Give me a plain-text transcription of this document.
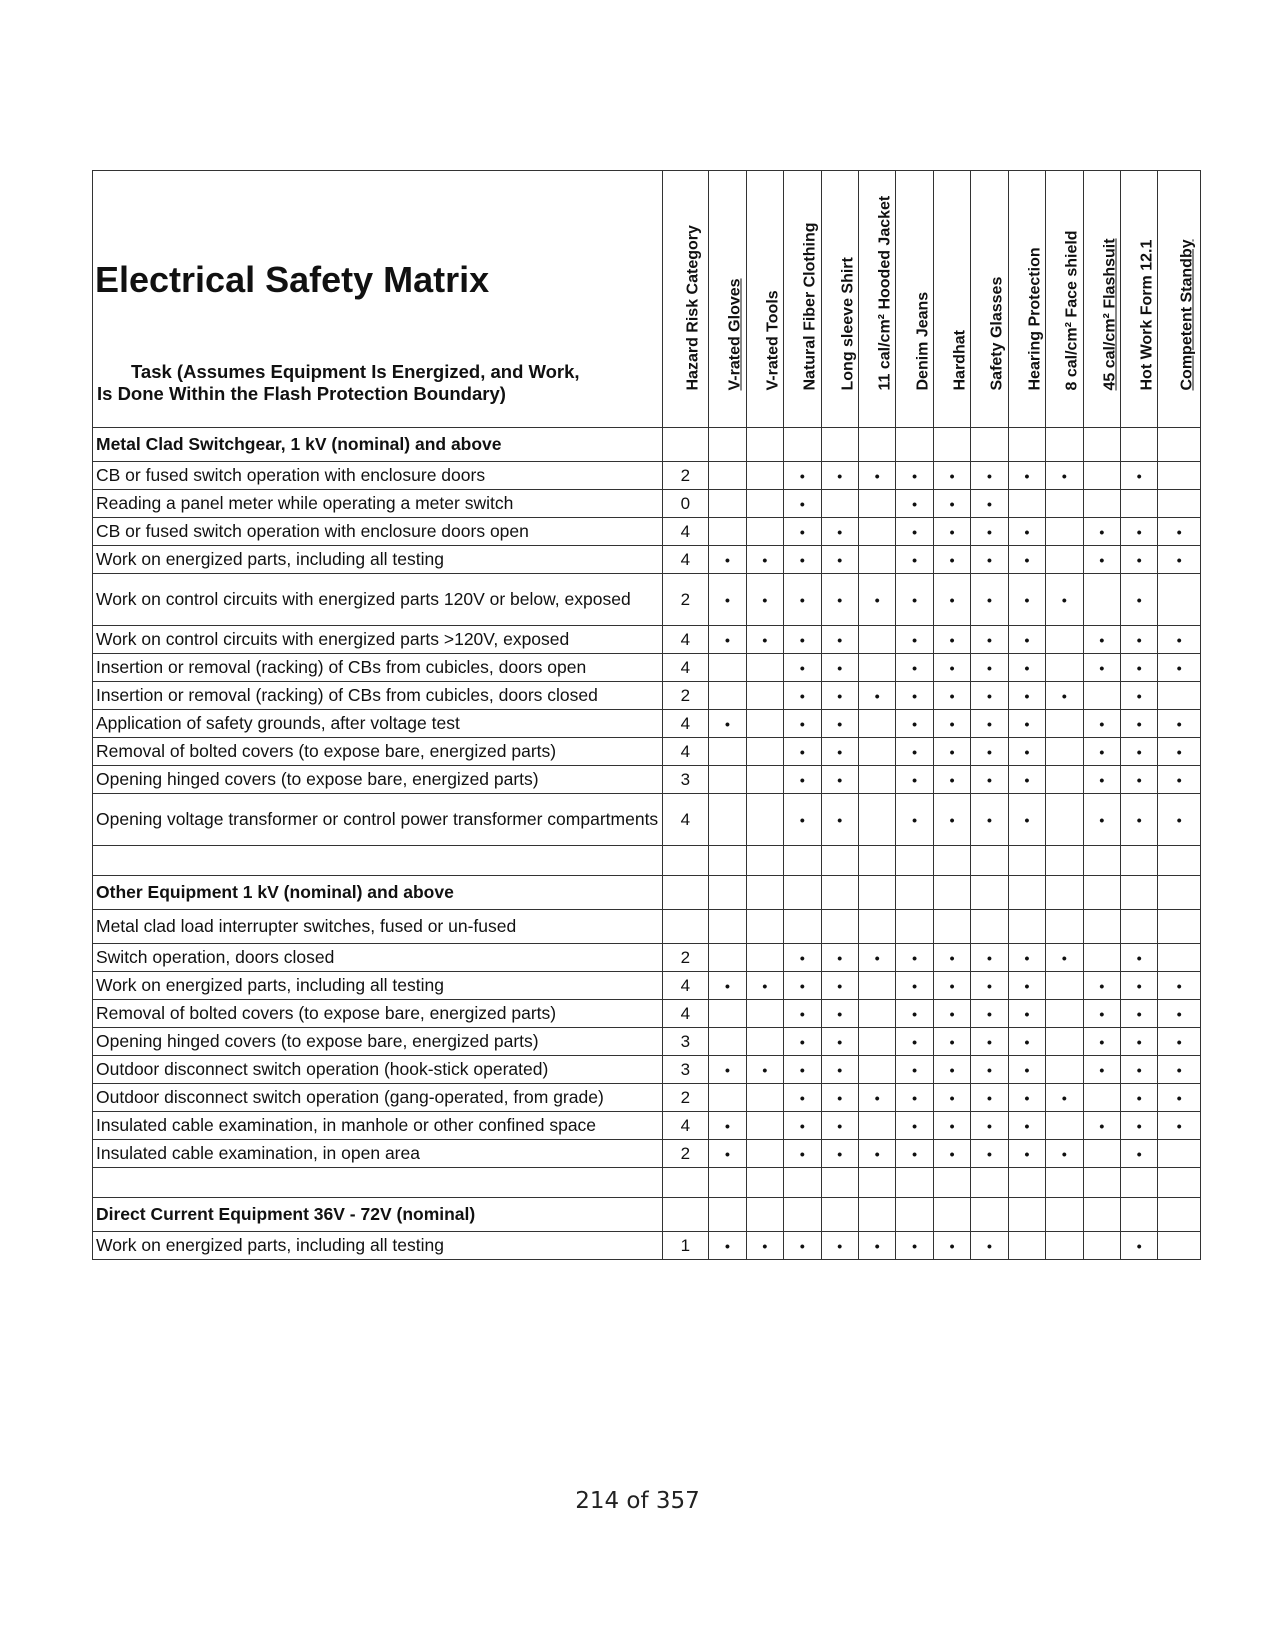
Electrical Safety Matrix
Task (Assumes Equipment Is Energized, and Work,
Is Done Within the Flash Protection Boundary)	Hazard Risk Category	V-rated Gloves	V-rated Tools	Natural Fiber Clothing	Long sleeve Shirt	11 cal/cm² Hooded Jacket	Denim Jeans	Hardhat	Safety Glasses	Hearing Protection	8 cal/cm² Face shield	45 cal/cm² Flashsuit	Hot Work Form 12.1	Competent Standby

Metal Clad Switchgear, 1 kV (nominal) and above														
CB or fused switch operation with enclosure doors	2			•	•	•	•	•	•	•	•		•	
Reading a panel meter while operating a meter switch	0			•			•	•	•					
CB or fused switch operation with enclosure doors open	4			•	•		•	•	•	•		•	•	•
Work on energized parts, including all testing	4	•	•	•	•		•	•	•	•		•	•	•
Work on control circuits with energized parts 120V or below, exposed	2	•	•	•	•	•	•	•	•	•	•		•	
Work on control circuits with energized parts >120V, exposed	4	•	•	•	•		•	•	•	•		•	•	•
Insertion or removal (racking) of CBs from cubicles, doors open	4			•	•		•	•	•	•		•	•	•
Insertion or removal (racking) of CBs from cubicles, doors closed	2			•	•	•	•	•	•	•	•		•	
Application of safety grounds, after voltage test	4	•		•	•		•	•	•	•		•	•	•
Removal of bolted covers (to expose bare, energized parts)	4			•	•		•	•	•	•		•	•	•
Opening hinged covers (to expose bare, energized parts)	3			•	•		•	•	•	•		•	•	•
Opening voltage transformer or control power transformer compartments	4			•	•		•	•	•	•		•	•	•

Other Equipment 1 kV (nominal) and above														
Metal clad load interrupter switches, fused or un-fused														
Switch operation, doors closed	2			•	•	•	•	•	•	•	•		•	
Work on energized parts, including all testing	4	•	•	•	•		•	•	•	•		•	•	•
Removal of bolted covers (to expose bare, energized parts)	4			•	•		•	•	•	•		•	•	•
Opening hinged covers (to expose bare, energized parts)	3			•	•		•	•	•	•		•	•	•
Outdoor disconnect switch operation (hook-stick operated)	3	•	•	•	•		•	•	•	•		•	•	•
Outdoor disconnect switch operation (gang-operated, from grade)	2			•	•	•	•	•	•	•	•		•	•
Insulated cable examination, in manhole or other confined space	4	•		•	•		•	•	•	•		•	•	•
Insulated cable examination, in open area	2	•		•	•	•	•	•	•	•	•		•	

Direct Current Equipment 36V - 72V (nominal)														
Work on energized parts, including all testing	1	•	•	•	•	•	•	•	•				•	
214 of 357
